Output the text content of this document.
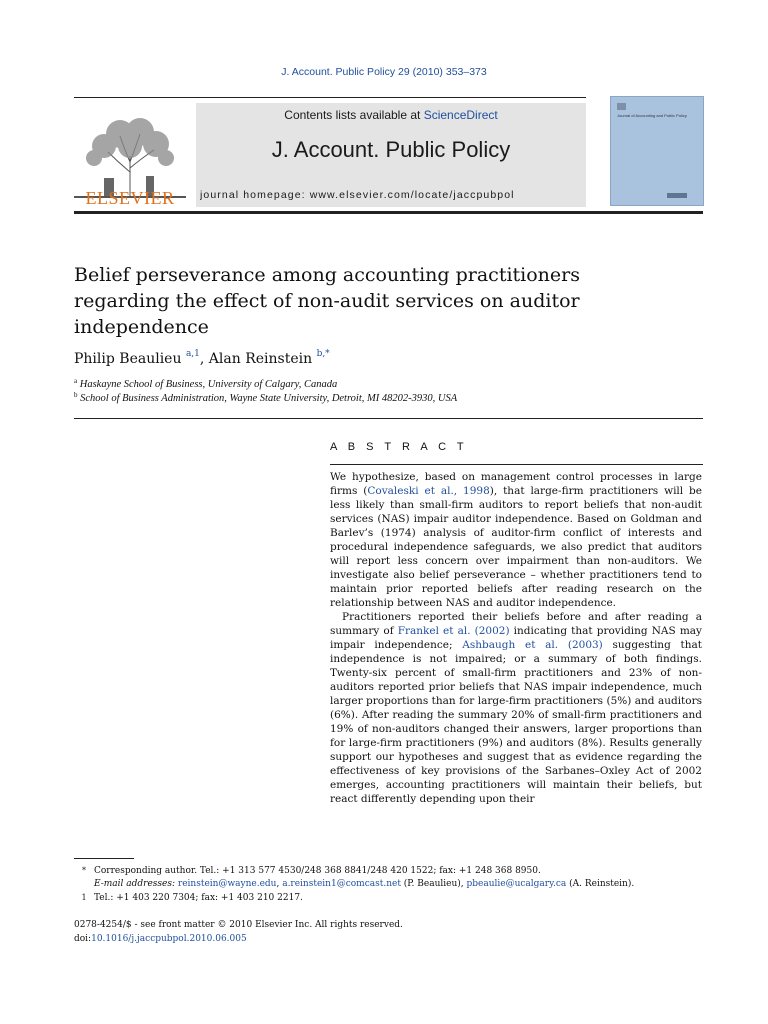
J. Account. Public Policy 29 (2010) 353–373
ELSEVIER
Contents lists available at ScienceDirect
J. Account. Public Policy
journal homepage: www.elsevier.com/locate/jaccpubpol
Journal of Accounting and Public Policy
Belief perseverance among accounting practitioners regarding the effect of non-audit services on auditor independence
Philip Beaulieu $^{a,1}$, Alan Reinstein $^{b,*}$
$^a$ Haskayne School of Business, University of Calgary, Canada
$^b$ School of Business Administration, Wayne State University, Detroit, MI 48202-3930, USA
A B S T R A C T

We hypothesize, based on management control processes in large firms (Covaleski et al., 1998), that large-firm practitioners will be less likely than small-firm auditors to report beliefs that non-audit services (NAS) impair auditor independence. Based on Goldman and Barlev’s (1974) analysis of auditor-firm conflict of interests and procedural independence safeguards, we also predict that auditors will report less concern over impairment than non-auditors. We investigate also belief perseverance – whether practitioners tend to maintain prior reported beliefs after reading research on the relationship between NAS and auditor independence.

Practitioners reported their beliefs before and after reading a summary of Frankel et al. (2002) indicating that providing NAS may impair independence; Ashbaugh et al. (2003) suggesting that independence is not impaired; or a summary of both findings. Twenty-six percent of small-firm practitioners and 23% of non-auditors reported prior beliefs that NAS impair independence, much larger proportions than for large-firm practitioners (5%) and auditors (6%). After reading the summary 20% of small-firm practitioners and 19% of non-auditors changed their answers, larger proportions than for large-firm practitioners (9%) and auditors (8%). Results generally support our hypotheses and suggest that as evidence regarding the effectiveness of key provisions of the Sarbanes–Oxley Act of 2002 emerges, accounting practitioners will maintain their beliefs, but react differently depending upon their

* Corresponding author. Tel.: +1 313 577 4530/248 368 8841/248 420 1522; fax: +1 248 368 8950.
E-mail addresses: reinstein@wayne.edu, a.reinstein1@comcast.net (P. Beaulieu), pbeaulie@ucalgary.ca (A. Reinstein).
1 Tel.: +1 403 220 7304; fax: +1 403 210 2217.
0278-4254/$ - see front matter © 2010 Elsevier Inc. All rights reserved.
doi:10.1016/j.jaccpubpol.2010.06.005
